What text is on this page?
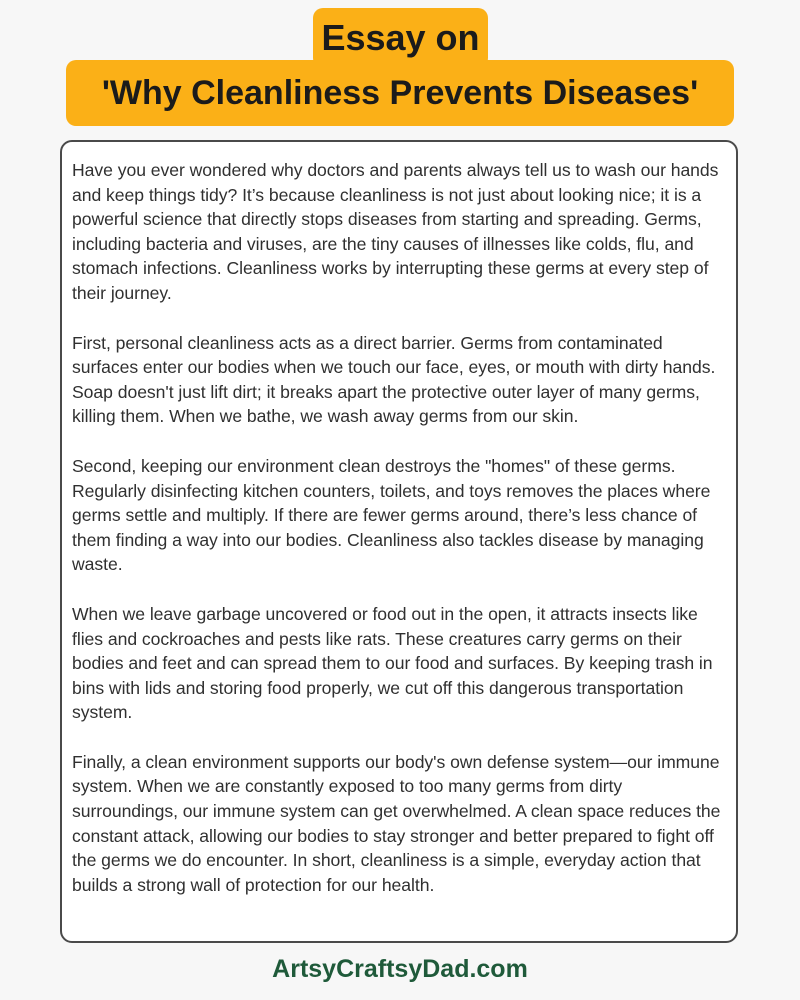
Essay on
'Why Cleanliness Prevents Diseases'

Have you ever wondered why doctors and parents always tell us to wash our hands and keep things tidy? It’s because cleanliness is not just about looking nice; it is a powerful science that directly stops diseases from starting and spreading. Germs, including bacteria and viruses, are the tiny causes of illnesses like colds, flu, and stomach infections. Cleanliness works by interrupting these germs at every step of their journey.

First, personal cleanliness acts as a direct barrier. Germs from contaminated surfaces enter our bodies when we touch our face, eyes, or mouth with dirty hands. Soap doesn't just lift dirt; it breaks apart the protective outer layer of many germs, killing them. When we bathe, we wash away germs from our skin.

Second, keeping our environment clean destroys the "homes" of these germs. Regularly disinfecting kitchen counters, toilets, and toys removes the places where germs settle and multiply. If there are fewer germs around, there’s less chance of them finding a way into our bodies. Cleanliness also tackles disease by managing waste.

When we leave garbage uncovered or food out in the open, it attracts insects like flies and cockroaches and pests like rats. These creatures carry germs on their bodies and feet and can spread them to our food and surfaces. By keeping trash in bins with lids and storing food properly, we cut off this dangerous transportation system.

Finally, a clean environment supports our body's own defense system—our immune system. When we are constantly exposed to too many germs from dirty surroundings, our immune system can get overwhelmed. A clean space reduces the constant attack, allowing our bodies to stay stronger and better prepared to fight off the germs we do encounter. In short, cleanliness is a simple, everyday action that builds a strong wall of protection for our health.

ArtsyCraftsyDad.com
